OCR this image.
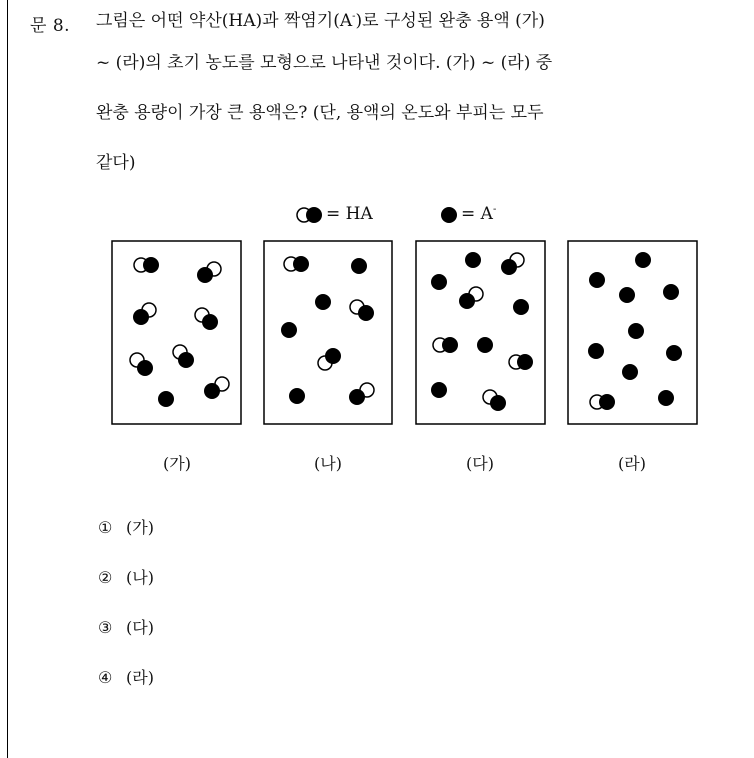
문 8. 그림은 어떤 약산(HA)과 짝염기(A-)로 구성된 완충 용액 (가)
~ (라)의 초기 농도를 모형으로 나타낸 것이다. (가) ~ (라) 중
완충 용량이 가장 큰 용액은? (단, 용액의 온도와 부피는 모두
같다)
= HA	= A-
(가)	(나)	(다)	(라)
① (가)
② (나)
③ (다)
④ (라)
